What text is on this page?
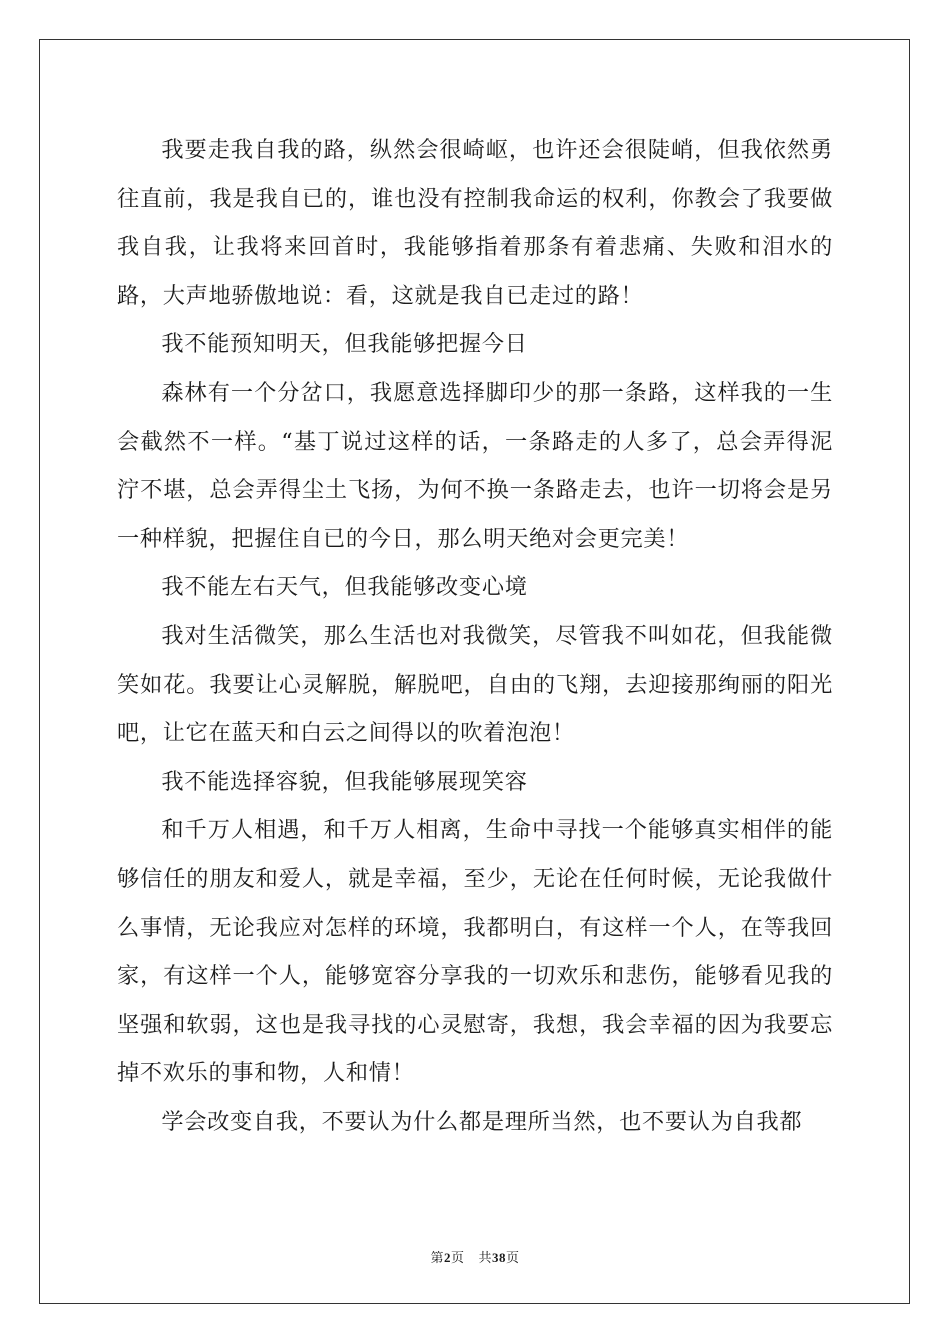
我要走我自我的路，纵然会很崎岖，也许还会很陡峭，但我依然勇往直前，我是我自已的，谁也没有控制我命运的权利，你教会了我要做我自我，让我将来回首时，我能够指着那条有着悲痛、失败和泪水的路，大声地骄傲地说：看，这就是我自已走过的路！

我不能预知明天，但我能够把握今日

森林有一个分岔口，我愿意选择脚印少的那一条路，这样我的一生会截然不一样。“基丁说过这样的话，一条路走的人多了，总会弄得泥泞不堪，总会弄得尘土飞扬，为何不换一条路走去，也许一切将会是另一种样貌，把握住自已的今日，那么明天绝对会更完美！

我不能左右天气，但我能够改变心境

我对生活微笑，那么生活也对我微笑，尽管我不叫如花，但我能微笑如花。我要让心灵解脱，解脱吧，自由的飞翔，去迎接那绚丽的阳光吧，让它在蓝天和白云之间得以的吹着泡泡！

我不能选择容貌，但我能够展现笑容

和千万人相遇，和千万人相离，生命中寻找一个能够真实相伴的能够信任的朋友和爱人，就是幸福，至少，无论在任何时候，无论我做什么事情，无论我应对怎样的环境，我都明白，有这样一个人，在等我回家，有这样一个人，能够宽容分享我的一切欢乐和悲伤，能够看见我的坚强和软弱，这也是我寻找的心灵慰寄，我想，我会幸福的因为我要忘掉不欢乐的事和物，人和情！

学会改变自我，不要认为什么都是理所当然，也不要认为自我都

第2页 共38页
